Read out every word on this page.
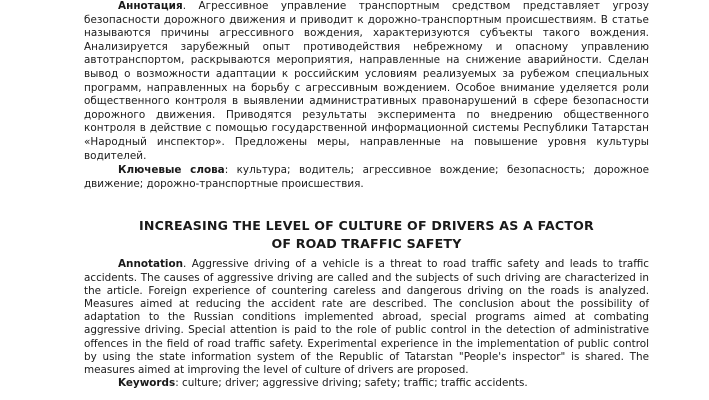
Аннотация. Агрессивное управление транспортным средством представляет угрозу безопасности дорожного движения и приводит к дорожно-транспортным происшествиям. В статье называются причины агрессивного вождения, характеризуются субъекты такого вождения. Анализируется зарубежный опыт противодействия небрежному и опасному управлению автотранспортом, раскрываются мероприятия, направленные на снижение аварийности. Сделан вывод о возможности адаптации к российским условиям реализуемых за рубежом специальных программ, направленных на борьбу с агрессивным вождением. Особое внимание уделяется роли общественного контроля в выявлении административных правонарушений в сфере безопасности дорожного движения. Приводятся результаты эксперимента по внедрению общественного контроля в действие с помощью государственной информационной системы Республики Татарстан «Народный инспектор». Предложены меры, направленные на повышение уровня культуры водителей.

Ключевые слова: культура; водитель; агрессивное вождение; безопасность; дорожное движение; дорожно-транспортные происшествия.

INCREASING THE LEVEL OF CULTURE OF DRIVERS AS A FACTOR
OF ROAD TRAFFIC SAFETY

Annotation. Aggressive driving of a vehicle is a threat to road traffic safety and leads to traffic accidents. The causes of aggressive driving are called and the subjects of such driving are characterized in the article. Foreign experience of countering careless and dangerous driving on the roads is analyzed. Measures aimed at reducing the accident rate are described. The conclusion about the possibility of adaptation to the Russian conditions implemented abroad, special programs aimed at combating aggressive driving. Special attention is paid to the role of public control in the detection of administrative offences in the field of road traffic safety. Experimental experience in the implementation of public control by using the state information system of the Republic of Tatarstan "People's inspector" is shared. The measures aimed at improving the level of culture of drivers are proposed.

Keywords: culture; driver; aggressive driving; safety; traffic; traffic accidents.
